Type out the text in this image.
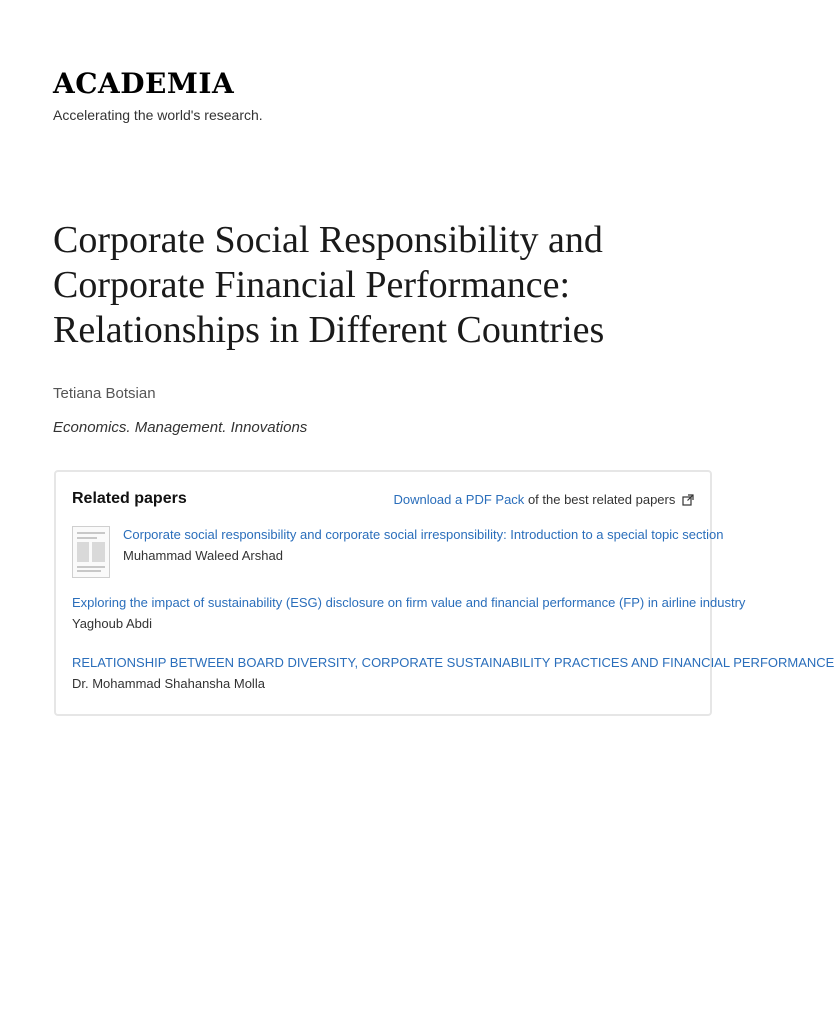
ACADEMIA
Accelerating the world's research.
Corporate Social Responsibility and Corporate Financial Performance: Relationships in Different Countries
Tetiana Botsian
Economics. Management. Innovations
Related papers	Download a PDF Pack of the best related papers
Corporate social responsibility and corporate social irresponsibility: Introduction to a special topic section
Muhammad Waleed Arshad
Exploring the impact of sustainability (ESG) disclosure on firm value and financial performance (FP) in airline industry
Yaghoub Abdi
RELATIONSHIP BETWEEN BOARD DIVERSITY, CORPORATE SUSTAINABILITY PRACTICES AND FINANCIAL PERFORMANCE
Dr. Mohammad Shahansha Molla
